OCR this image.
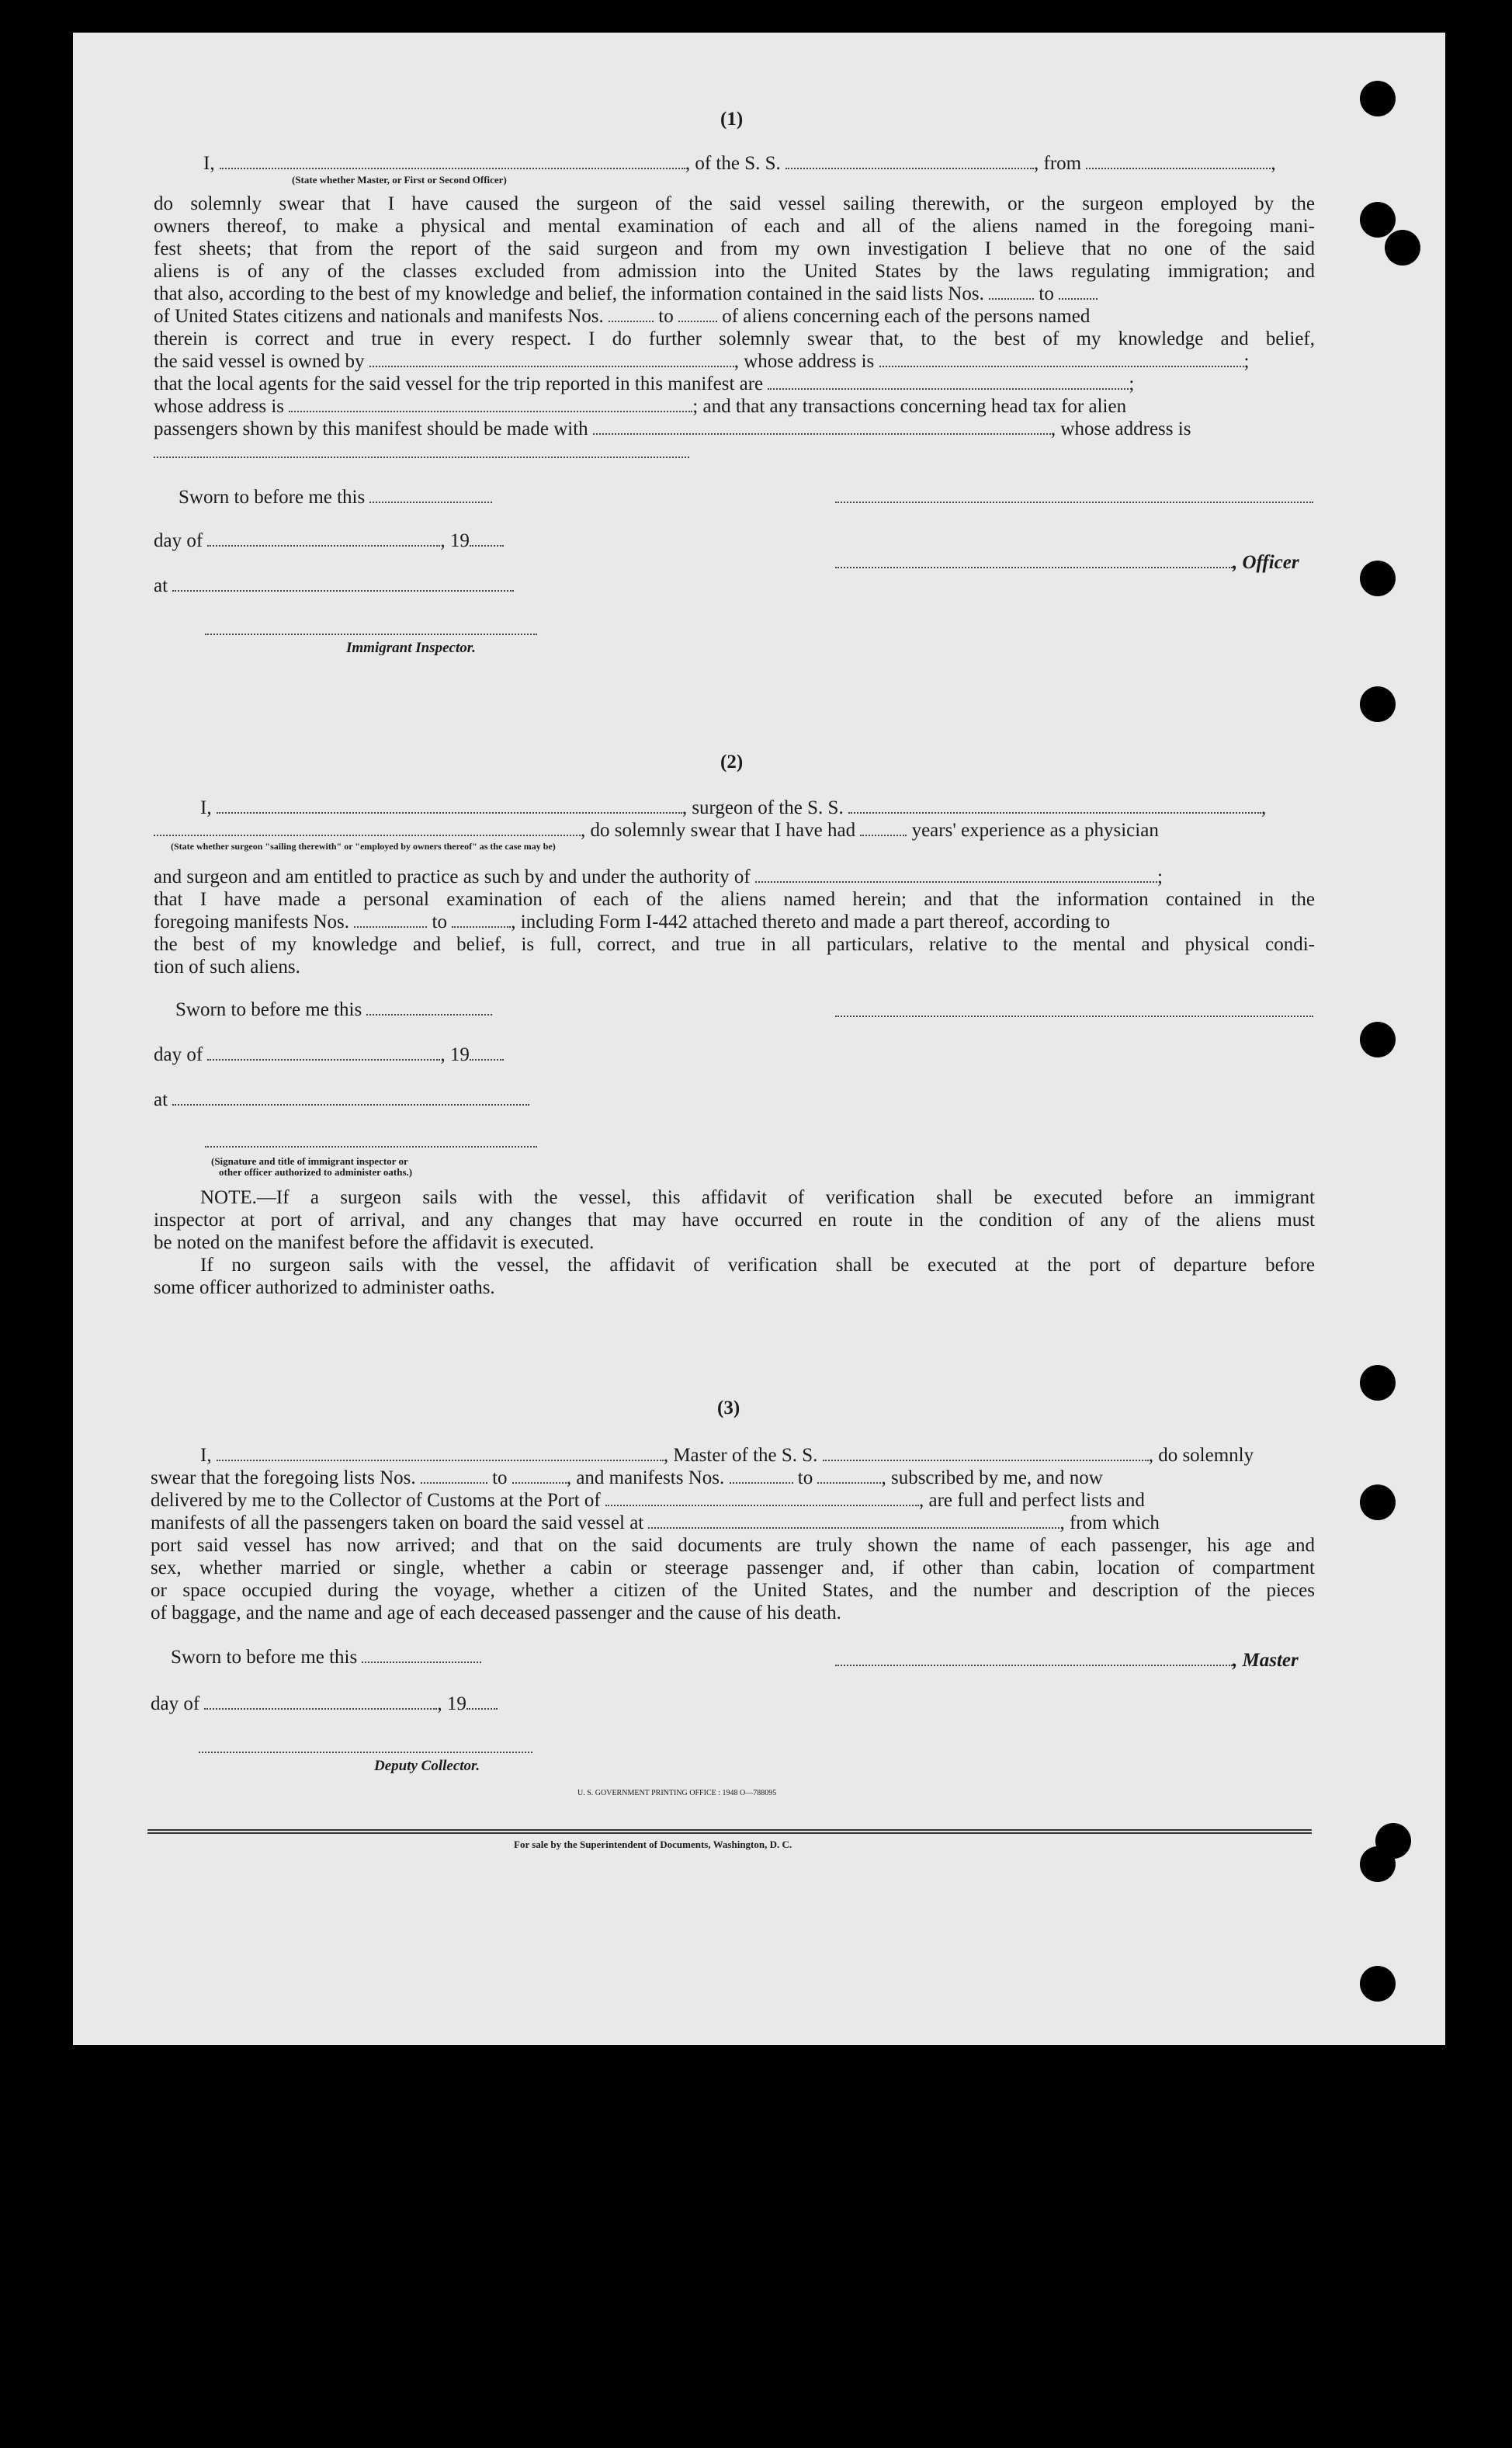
(1)
I,	, of the S. S.	, from	,
(State whether Master, or First or Second Officer)
do solemnly swear that I have caused the surgeon of the said vessel sailing therewith, or the surgeon employed by the
owners thereof, to make a physical and mental examination of each and all of the aliens named in the foregoing mani-
fest sheets; that from the report of the said surgeon and from my own investigation I believe that no one of the said
aliens is of any of the classes excluded from admission into the United States by the laws regulating immigration; and
that also, according to the best of my knowledge and belief, the information contained in the said lists Nos.	to
of United States citizens and nationals and manifests Nos.	to	of aliens concerning each of the persons named
therein is correct and true in every respect. I do further solemnly swear that, to the best of my knowledge and belief,
the said vessel is owned by	, whose address is	;
that the local agents for the said vessel for the trip reported in this manifest are	;
whose address is	; and that any transactions concerning head tax for alien
passengers shown by this manifest should be made with	, whose address is
Sworn to before me this
day of	, 19
, Officer
at
Immigrant Inspector.
(2)
I,	, surgeon of the S. S.	,
, do solemnly swear that I have had	years' experience as a physician
(State whether surgeon "sailing therewith" or "employed by owners thereof" as the case may be)
and surgeon and am entitled to practice as such by and under the authority of	;
that I have made a personal examination of each of the aliens named herein; and that the information contained in the
foregoing manifests Nos.	to	, including Form I-442 attached thereto and made a part thereof, according to
the best of my knowledge and belief, is full, correct, and true in all particulars, relative to the mental and physical condi-
tion of such aliens.
Sworn to before me this
day of	, 19
at
(Signature and title of immigrant inspector or
other officer authorized to administer oaths.)
NOTE.—If a surgeon sails with the vessel, this affidavit of verification shall be executed before an immigrant
inspector at port of arrival, and any changes that may have occurred en route in the condition of any of the aliens must
be noted on the manifest before the affidavit is executed.
If no surgeon sails with the vessel, the affidavit of verification shall be executed at the port of departure before
some officer authorized to administer oaths.
(3)
I,	, Master of the S. S.	, do solemnly
swear that the foregoing lists Nos.	to	, and manifests Nos.	to	, subscribed by me, and now
delivered by me to the Collector of Customs at the Port of	, are full and perfect lists and
manifests of all the passengers taken on board the said vessel at	, from which
port said vessel has now arrived; and that on the said documents are truly shown the name of each passenger, his age and
sex, whether married or single, whether a cabin or steerage passenger and, if other than cabin, location of compartment
or space occupied during the voyage, whether a citizen of the United States, and the number and description of the pieces
of baggage, and the name and age of each deceased passenger and the cause of his death.
Sworn to before me this	, Master
day of	, 19
Deputy Collector.
U. S. GOVERNMENT PRINTING OFFICE : 1948 O—788095
For sale by the Superintendent of Documents, Washington, D. C.
